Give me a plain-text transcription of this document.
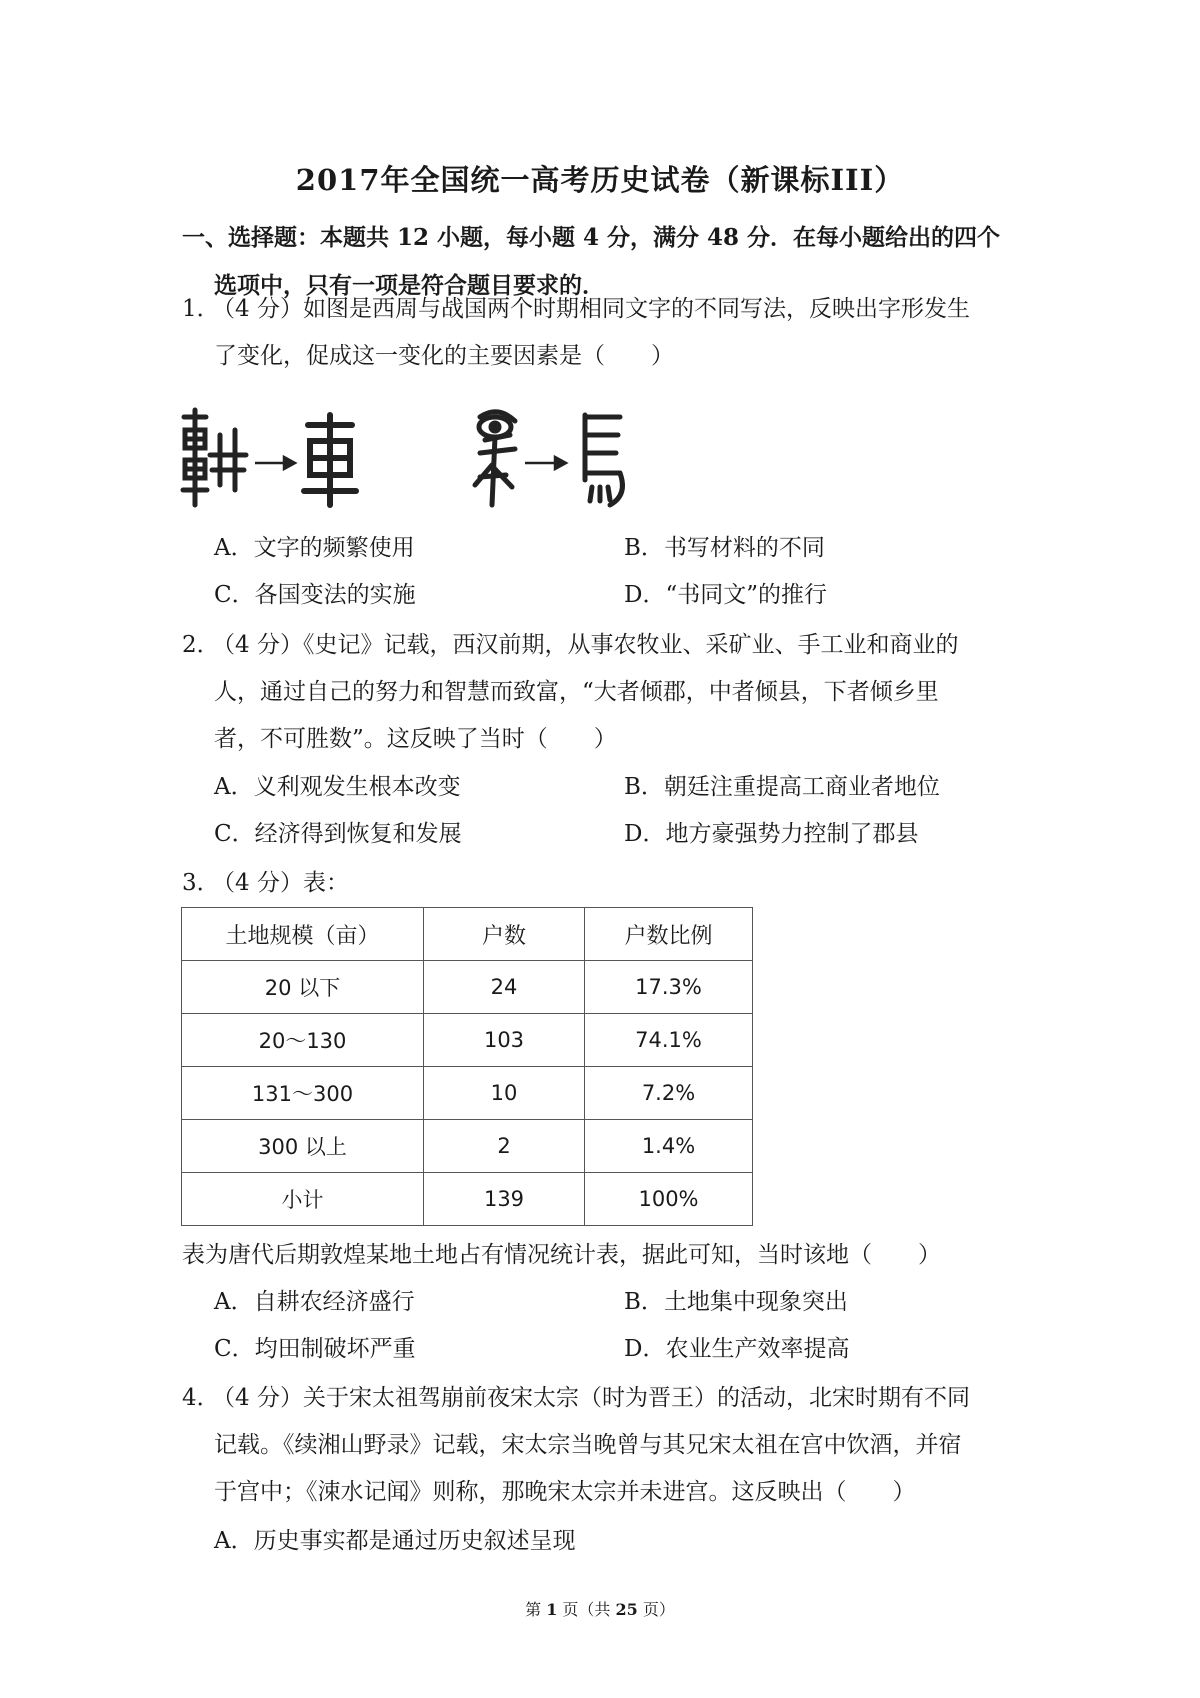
2017年全国统一高考历史试卷（新课标III）
一、选择题：本题共 12 小题，每小题 4 分，满分 48 分．在每小题给出的四个
选项中，只有一项是符合题目要求的．
1．（4 分）如图是西周与战国两个时期相同文字的不同写法，反映出字形发生
了变化，促成这一变化的主要因素是（　　）
A．文字的频繁使用	B．书写材料的不同 C．各国变法的实施	D．“书同文”的推行
2．（4 分）《史记》记载，西汉前期，从事农牧业、采矿业、手工业和商业的
人，通过自己的努力和智慧而致富，“大者倾郡，中者倾县，下者倾乡里
者，不可胜数”。这反映了当时（　　）
A．义利观发生根本改变	B．朝廷注重提高工商业者地位 C．经济得到恢复和发展	D．地方豪强势力控制了郡县
3．（4 分）表：
土地规模（亩）	户数	户数比例
20 以下	24	17.3%
20～130	103	74.1%
131～300	10	7.2%
300 以上	2	1.4%
小计	139	100%
表为唐代后期敦煌某地土地占有情况统计表，据此可知，当时该地（　　）
A．自耕农经济盛行	B．土地集中现象突出 C．均田制破坏严重	D．农业生产效率提高
4．（4 分）关于宋太祖驾崩前夜宋太宗（时为晋王）的活动，北宋时期有不同
记载。《续湘山野录》记载，宋太宗当晚曾与其兄宋太祖在宫中饮酒，并宿
于宫中；《涑水记闻》则称，那晚宋太宗并未进宫。这反映出（　　）
A．历史事实都是通过历史叙述呈现
第 1 页（共 25 页）
